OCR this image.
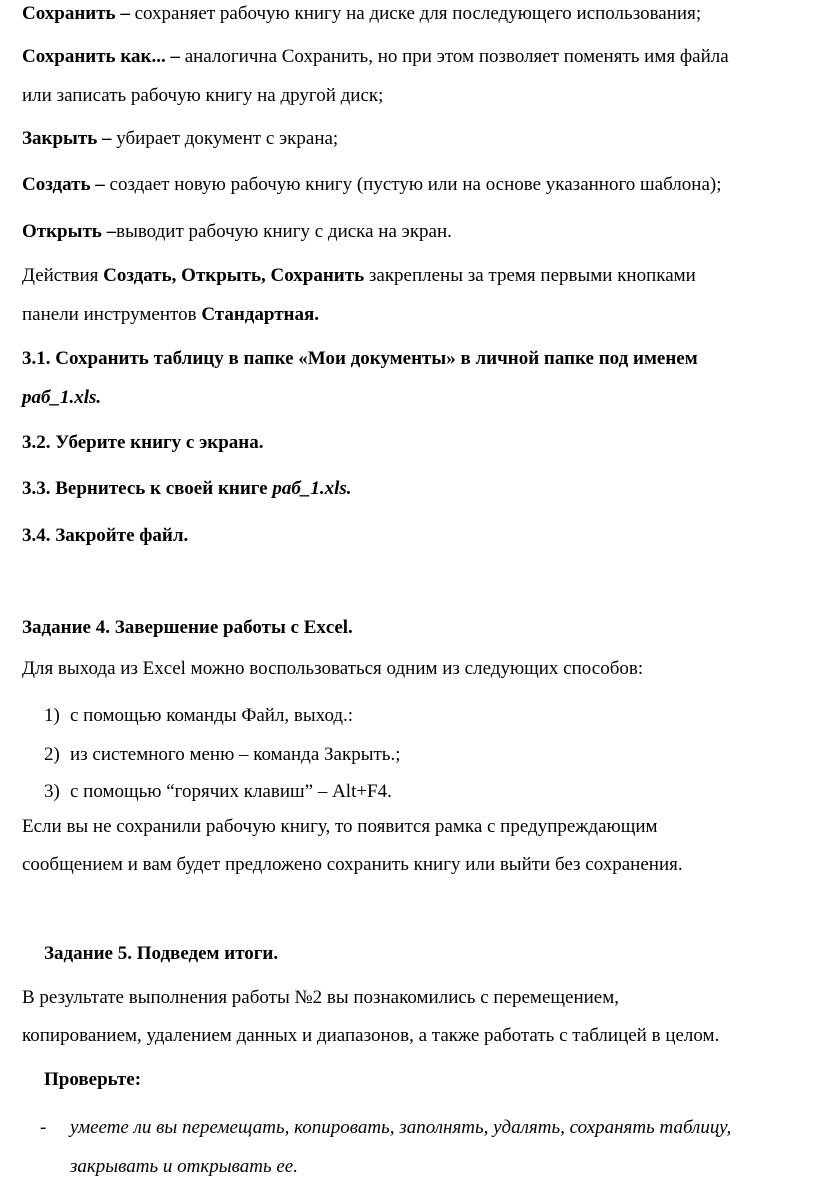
Сохранить – сохраняет рабочую книгу на диске для последующего использования;
Сохранить как... – аналогична Сохранить, но при этом позволяет поменять имя файла
или записать рабочую книгу на другой диск;
Закрыть – убирает документ с экрана;
Создать – создает новую рабочую книгу (пустую или на основе указанного шаблона);
Открыть –выводит рабочую книгу с диска на экран.
Действия Создать, Открыть, Сохранить закреплены за тремя первыми кнопками
панели инструментов Стандартная.
3.1. Сохранить таблицу в папке «Мои документы» в личной папке под именем
раб_1.xls.
3.2. Уберите книгу с экрана.
3.3. Вернитесь к своей книге раб_1.xls.
3.4. Закройте файл.
Задание 4. Завершение работы с Excel.
Для выхода из Excel можно воспользоваться одним из следующих способов:
1) с помощью команды Файл, выход.:
2) из системного меню – команда Закрыть.;
3) с помощью “горячих клавиш” – Alt+F4.
Если вы не сохранили рабочую книгу, то появится рамка с предупреждающим
сообщением и вам будет предложено сохранить книгу или выйти без сохранения.
Задание 5. Подведем итоги.
В результате выполнения работы №2 вы познакомились с перемещением,
копированием, удалением данных и диапазонов, а также работать с таблицей в целом.
Проверьте:
- умеете ли вы перемещать, копировать, заполнять, удалять, сохранять таблицу,
закрывать и открывать ее.
